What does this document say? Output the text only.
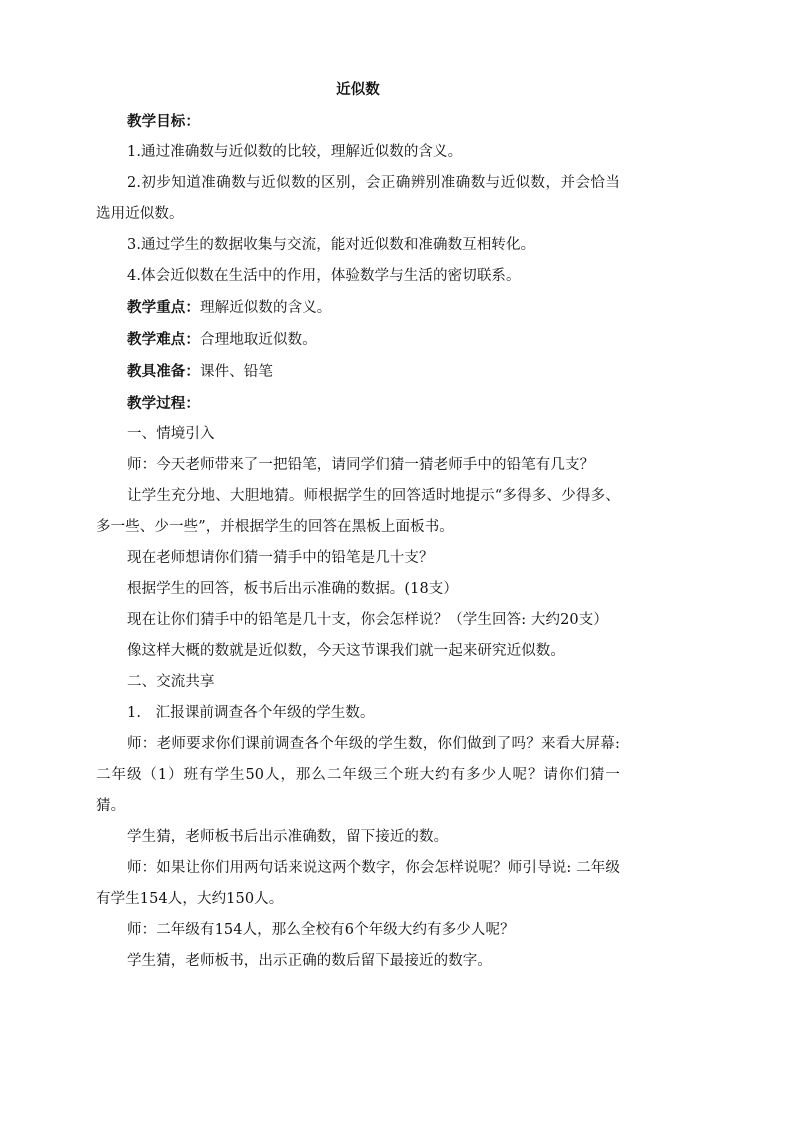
近似数
教学目标：
1.通过准确数与近似数的比较，理解近似数的含义。
2.初步知道准确数与近似数的区别，会正确辨别准确数与近似数，并会恰当选用近似数。
3.通过学生的数据收集与交流，能对近似数和准确数互相转化。
4.体会近似数在生活中的作用，体验数学与生活的密切联系。
教学重点：理解近似数的含义。
教学难点：合理地取近似数。
教具准备：课件、铅笔
教学过程：
一、情境引入
师：今天老师带来了一把铅笔，请同学们猜一猜老师手中的铅笔有几支？
让学生充分地、大胆地猜。师根据学生的回答适时地提示“多得多、少得多、多一些、少一些”，并根据学生的回答在黑板上面板书。
现在老师想请你们猜一猜手中的铅笔是几十支？
根据学生的回答，板书后出示准确的数据。(18支）
现在让你们猜手中的铅笔是几十支，你会怎样说？（学生回答: 大约20支）
像这样大概的数就是近似数，今天这节课我们就一起来研究近似数。
二、交流共享
1.　汇报课前调查各个年级的学生数。
师：老师要求你们课前调查各个年级的学生数，你们做到了吗？来看大屏幕: 二年级（1）班有学生50人，那么二年级三个班大约有多少人呢？请你们猜一猜。
学生猜，老师板书后出示准确数，留下接近的数。
师：如果让你们用两句话来说这两个数字，你会怎样说呢？师引导说: 二年级有学生154人，大约150人。
师：二年级有154人，那么全校有6个年级大约有多少人呢？
学生猜，老师板书，出示正确的数后留下最接近的数字。
